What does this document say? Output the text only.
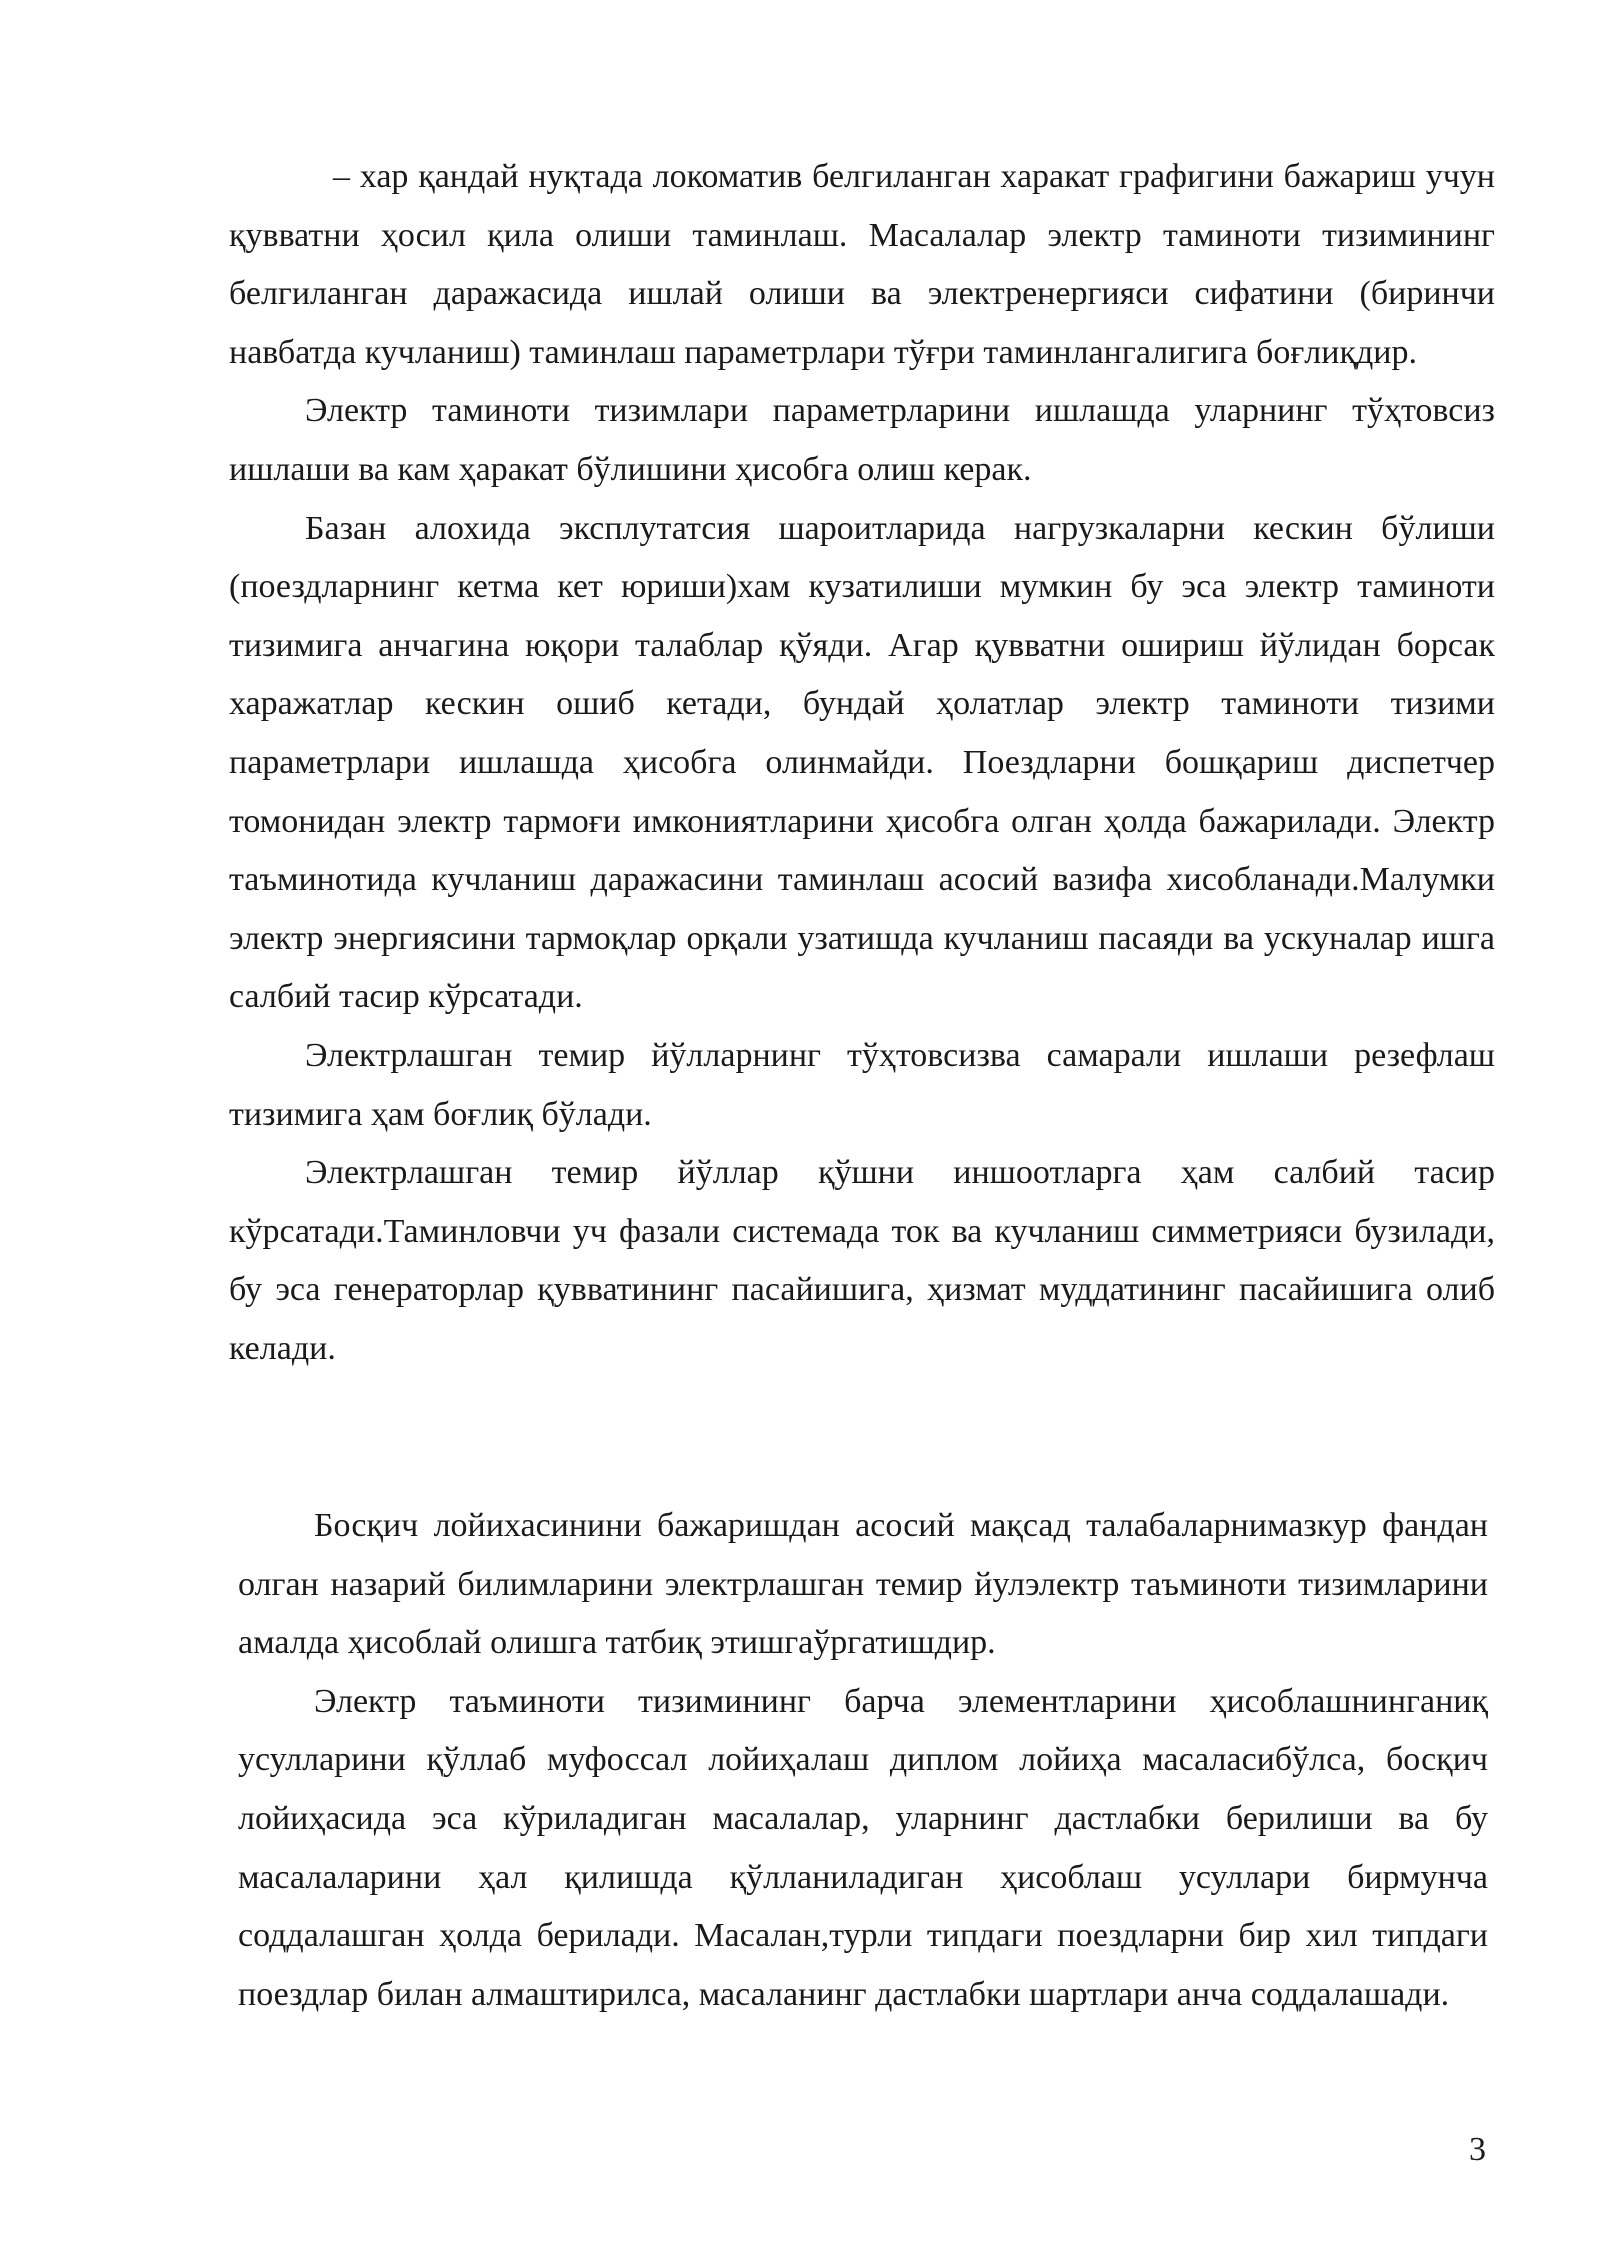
– хар қандай нуқтада локоматив белгиланган харакат графигини бажариш учун қувватни ҳосил қила олиши таминлаш. Масалалар электр таминоти тизимининг белгиланган даражасида ишлай олиши ва электренергияси сифатини (биринчи навбатда кучланиш) таминлаш параметрлари тўғри таминлангалигига боғлиқдир.

Электр таминоти тизимлари параметрларини ишлашда уларнинг тўҳтовсиз ишлаши ва кам ҳаракат бўлишини ҳисобга олиш керак.

Базан алохида эксплутатсия шароитларида нагрузкаларни кескин бўлиши (поездларнинг кетма кет юриши)хам кузатилиши мумкин бу эса электр таминоти тизимига анчагина юқори талаблар қўяди. Агар қувватни ошириш йўлидан борсак харажатлар кескин ошиб кетади, бундай ҳолатлар электр таминоти тизими параметрлари ишлашда ҳисобга олинмайди. Поездларни бошқариш диспетчер томонидан электр тармоғи имкониятларини ҳисобга олган ҳолда бажарилади. Электр таъминотида кучланиш даражасини таминлаш асосий вазифа хисобланади.Малумки электр энергиясини тармоқлар орқали узатишда кучланиш пасаяди ва ускуналар ишга салбий тасир кўрсатади.

Электрлашган темир йўлларнинг тўҳтовсизва самарали ишлаши резефлаш тизимига ҳам боғлиқ бўлади.

Электрлашган темир йўллар қўшни иншоотларга ҳам салбий тасир кўрсатади.Таминловчи уч фазали системада ток ва кучланиш симметрияси бузилади, бу эса генераторлар қувватининг пасайишига, ҳизмат муддатининг пасайишига олиб келади.

Босқич лойихасинини бажаришдан асосий мақсад талабаларнимазкур фандан олган назарий билимларини электрлашган темир йулэлектр таъминоти тизимларини амалда ҳисоблай олишга татбиқ этишгаўргатишдир.

Электр таъминоти тизимининг барча элементларини ҳисоблашнинганиқ усулларини қўллаб муфоссал лойиҳалаш диплом лойиҳа масаласибўлса, босқич лойиҳасида эса кўриладиган масалалар, уларнинг дастлабки берилиши ва бу масалаларини ҳал қилишда қўлланиладиган ҳисоблаш усуллари бирмунча соддалашган ҳолда берилади. Масалан,турли типдаги поездларни бир хил типдаги поездлар билан алмаштирилса, масаланинг дастлабки шартлари анча соддалашади.

3
